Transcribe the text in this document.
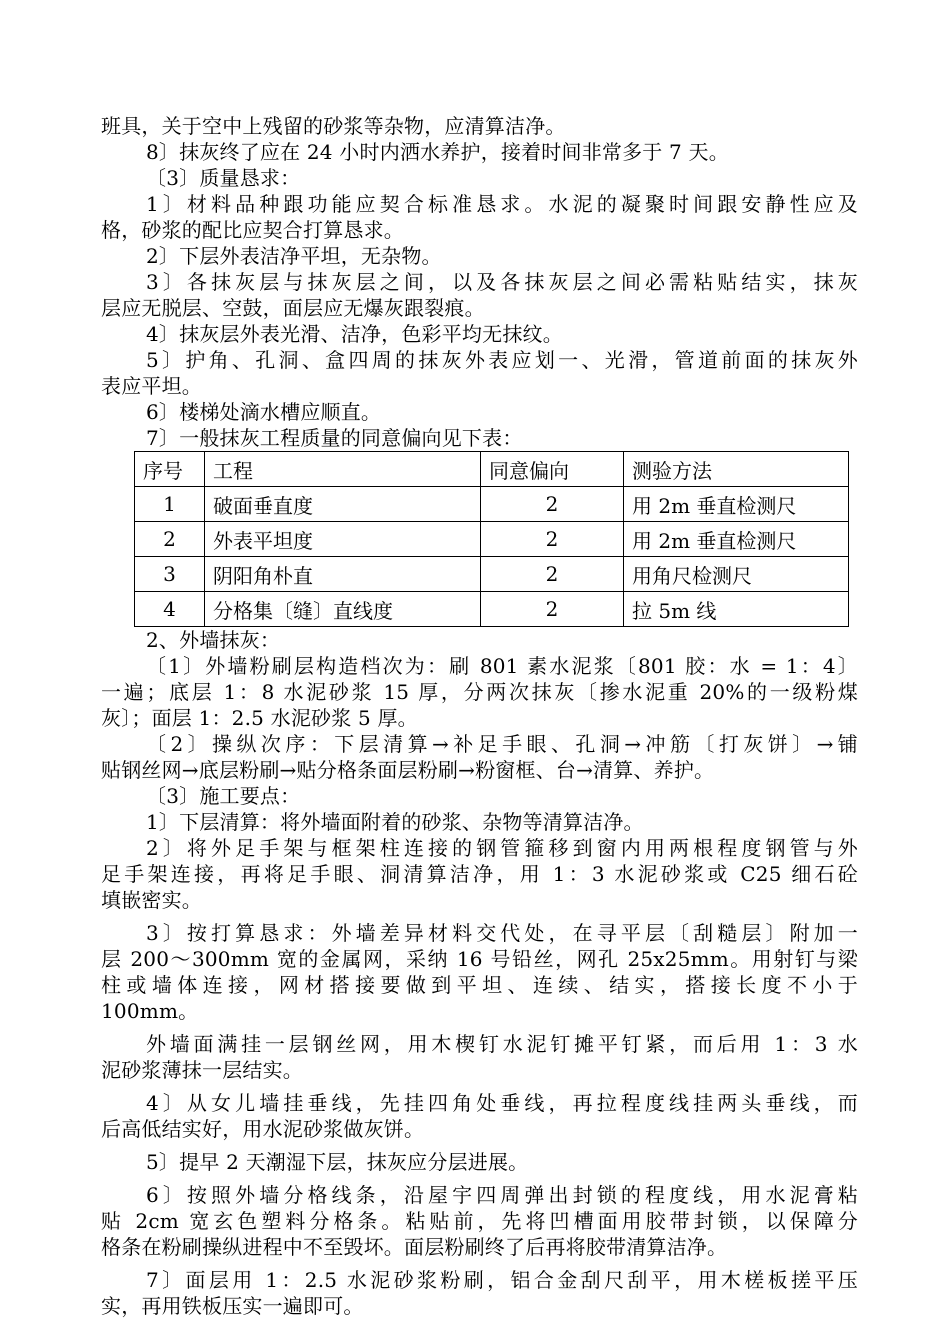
班具，关于空中上残留的砂浆等杂物，应清算洁净。
8〕抹灰终了应在 24 小时内洒水养护，接着时间非常多于 7 天。
〔3〕质量恳求：
1〕材料品种跟功能应契合标准恳求。水泥的凝聚时间跟安静性应及
格，砂浆的配比应契合打算恳求。
2〕下层外表洁净平坦，无杂物。
3〕各抹灰层与抹灰层之间，以及各抹灰层之间必需粘贴结实，抹灰
层应无脱层、空鼓，面层应无爆灰跟裂痕。
4〕抹灰层外表光滑、洁净，色彩平均无抹纹。
5〕护角、孔洞、盒四周的抹灰外表应划一、光滑，管道前面的抹灰外
表应平坦。
6〕楼梯处滴水槽应顺直。
7〕一般抹灰工程质量的同意偏向见下表：
序号	工程	同意偏向	测验方法
1	破面垂直度	2	用 2m 垂直检测尺
2	外表平坦度	2	用 2m 垂直检测尺
3	阴阳角朴直	2	用角尺检测尺
4	分格集〔缝〕直线度	2	拉 5m 线
2、外墙抹灰：
〔1〕外墙粉刷层构造档次为：刷 801 素水泥浆〔801 胶：水 = 1：4〕
一遍；底层 1：8 水泥砂浆 15 厚，分两次抹灰〔掺水泥重 20%的一级粉煤
灰〕；面层 1：2.5 水泥砂浆 5 厚。
〔2〕操纵次序：下层清算→补足手眼、孔洞→冲筋〔打灰饼〕→铺
贴钢丝网→底层粉刷→贴分格条面层粉刷→粉窗框、台→清算、养护。
〔3〕施工要点：
1〕下层清算：将外墙面附着的砂浆、杂物等清算洁净。
2〕将外足手架与框架柱连接的钢管箍移到窗内用两根程度钢管与外
足手架连接，再将足手眼、洞清算洁净，用 1：3 水泥砂浆或 C25 细石砼
填嵌密实。
3〕按打算恳求：外墙差异材料交代处，在寻平层〔刮糙层〕附加一
层 200～300mm 宽的金属网，采纳 16 号铅丝，网孔 25x25mm。用射钉与梁
柱或墙体连接，网材搭接要做到平坦、连续、结实，搭接长度不小于
100mm。
外墙面满挂一层钢丝网，用木楔钉水泥钉摊平钉紧，而后用 1：3 水
泥砂浆薄抹一层结实。
4〕从女儿墙挂垂线，先挂四角处垂线，再拉程度线挂两头垂线，而
后高低结实好，用水泥砂浆做灰饼。
5〕提早 2 天潮湿下层，抹灰应分层进展。
6〕按照外墙分格线条，沿屋宇四周弹出封锁的程度线，用水泥膏粘
贴 2cm 宽玄色塑料分格条。粘贴前，先将凹槽面用胶带封锁，以保障分
格条在粉刷操纵进程中不至毁坏。面层粉刷终了后再将胶带清算洁净。
7〕面层用 1：2.5 水泥砂浆粉刷，铝合金刮尺刮平，用木槎板搓平压
实，再用铁板压实一遍即可。
